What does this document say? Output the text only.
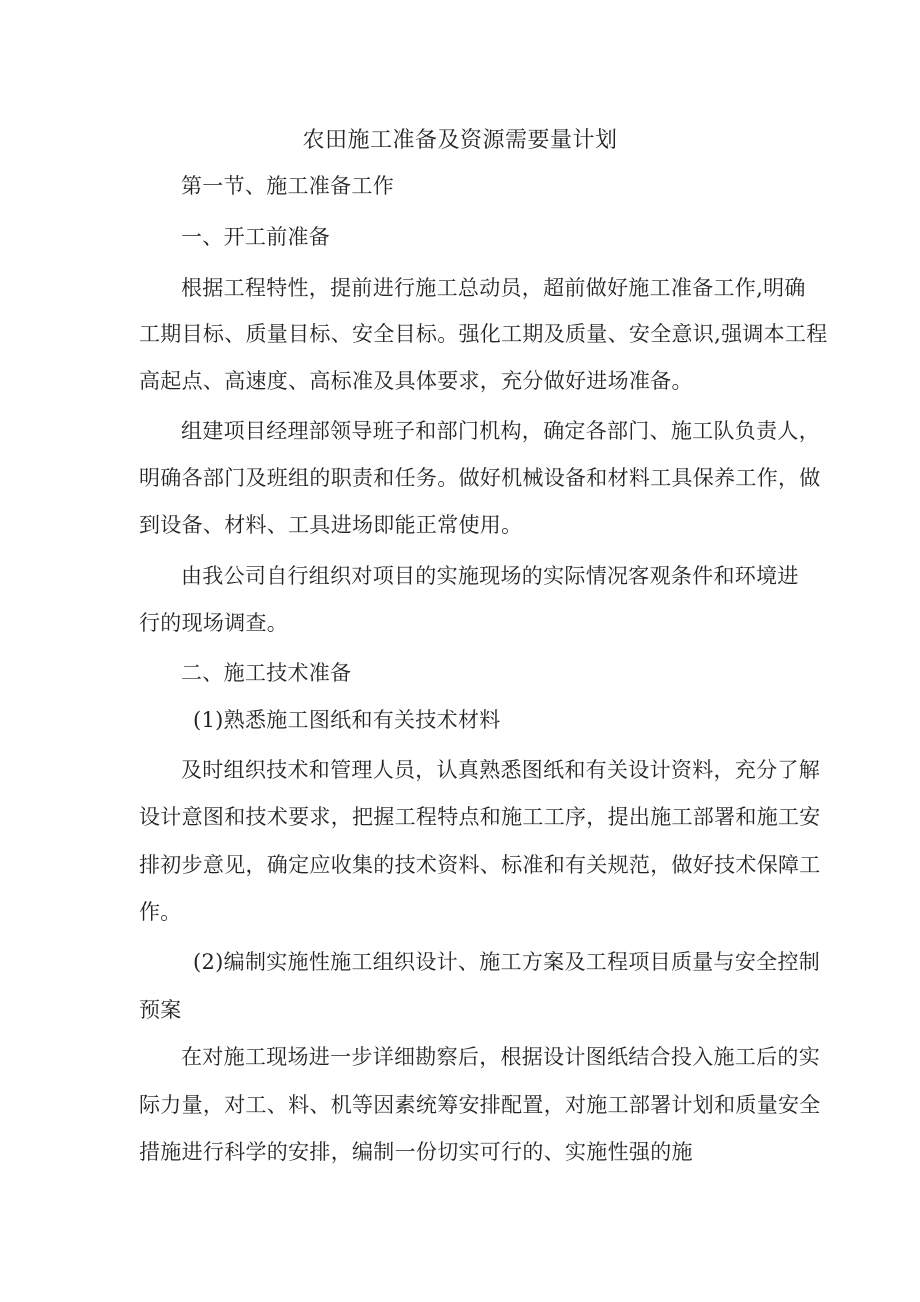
农田施工准备及资源需要量计划

第一节、施工准备工作

一、开工前准备

根据工程特性，提前进行施工总动员，超前做好施工准备工作,明确

工期目标、质量目标、安全目标。强化工期及质量、安全意识,强调本工程

高起点、高速度、高标准及具体要求，充分做好进场准备。

组建项目经理部领导班子和部门机构，确定各部门、施工队负责人，

明确各部门及班组的职责和任务。做好机械设备和材料工具保养工作，做

到设备、材料、工具进场即能正常使用。

由我公司自行组织对项目的实施现场的实际情况客观条件和环境进

行的现场调查。

二、施工技术准备

(1)熟悉施工图纸和有关技术材料

及时组织技术和管理人员，认真熟悉图纸和有关设计资料，充分了解

设计意图和技术要求，把握工程特点和施工工序，提出施工部署和施工安

排初步意见，确定应收集的技术资料、标准和有关规范，做好技术保障工

作。

(2)编制实施性施工组织设计、施工方案及工程项目质量与安全控制

预案

在对施工现场进一步详细勘察后，根据设计图纸结合投入施工后的实

际力量，对工、料、机等因素统筹安排配置，对施工部署计划和质量安全

措施进行科学的安排，编制一份切实可行的、实施性强的施
